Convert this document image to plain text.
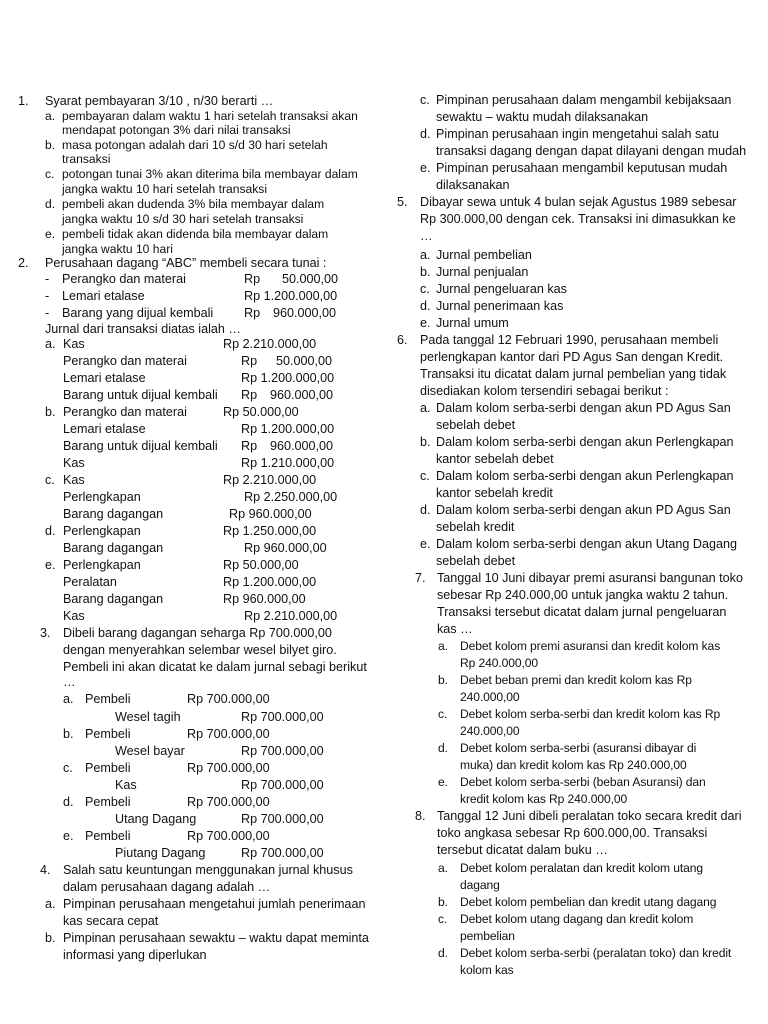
1. Syarat pembayaran 3/10 , n/30 berarti …
a. pembayaran dalam waktu 1 hari setelah transaksi akan
mendapat potongan 3% dari nilai transaksi
b. masa potongan adalah dari 10 s/d 30 hari setelah
transaksi
c. potongan tunai 3% akan diterima bila membayar dalam
jangka waktu 10 hari setelah transaksi
d. pembeli akan dudenda 3% bila membayar dalam
jangka waktu 10 s/d 30 hari setelah transaksi
e. pembeli tidak akan didenda bila membayar dalam
jangka waktu 10 hari
2. Perusahaan dagang “ABC” membeli secara tunai :
- Perangko dan materai	Rp 50.000,00
- Lemari etalase	Rp 1.200.000,00
- Barang yang dijual kembali Rp 960.000,00
Jurnal dari transaksi diatas ialah …
a. Kas	Rp 2.210.000,00
Perangko dan materai	Rp 50.000,00
Lemari etalase	Rp 1.200.000,00
Barang untuk dijual kembali Rp 960.000,00
b. Perangko dan materai	Rp 50.000,00
Lemari etalase	Rp 1.200.000,00
Barang untuk dijual kembali Rp 960.000,00
Kas	Rp 1.210.000,00
c. Kas	Rp 2.210.000,00
Perlengkapan	Rp 2.250.000,00
Barang dagangan	Rp 960.000,00
d. Perlengkapan	Rp 1.250.000,00
Barang dagangan	Rp 960.000,00
e. Perlengkapan	Rp 50.000,00
Peralatan	Rp 1.200.000,00
Barang dagangan	Rp 960.000,00
Kas	Rp 2.210.000,00
3. Dibeli barang dagangan seharga Rp 700.000,00
dengan menyerahkan selembar wesel bilyet giro.
Pembeli ini akan dicatat ke dalam jurnal sebagi berikut
…
a. Pembeli	Rp 700.000,00
Wesel tagih	Rp 700.000,00
b. Pembeli	Rp 700.000,00
Wesel bayar	Rp 700.000,00
c. Pembeli	Rp 700.000,00
Kas	Rp 700.000,00
d. Pembeli	Rp 700.000,00
Utang Dagang	Rp 700.000,00
e. Pembeli	Rp 700.000,00
Piutang Dagang	Rp 700.000,00
4. Salah satu keuntungan menggunakan jurnal khusus
dalam perusahaan dagang adalah …
a. Pimpinan perusahaan mengetahui jumlah penerimaan
kas secara cepat
b. Pimpinan perusahaan sewaktu – waktu dapat meminta
informasi yang diperlukan
c. Pimpinan perusahaan dalam mengambil kebijaksaan
sewaktu – waktu mudah dilaksanakan
d. Pimpinan perusahaan ingin mengetahui salah satu
transaksi dagang dengan dapat dilayani dengan mudah
e. Pimpinan perusahaan mengambil keputusan mudah
dilaksanakan
5. Dibayar sewa untuk 4 bulan sejak Agustus 1989 sebesar
Rp 300.000,00 dengan cek. Transaksi ini dimasukkan ke
…
a. Jurnal pembelian
b. Jurnal penjualan
c. Jurnal pengeluaran kas
d. Jurnal penerimaan kas
e. Jurnal umum
6. Pada tanggal 12 Februari 1990, perusahaan membeli
perlengkapan kantor dari PD Agus San dengan Kredit.
Transaksi itu dicatat dalam jurnal pembelian yang tidak
disediakan kolom tersendiri sebagai berikut :
a. Dalam kolom serba-serbi dengan akun PD Agus San
sebelah debet
b. Dalam kolom serba-serbi dengan akun Perlengkapan
kantor sebelah debet
c. Dalam kolom serba-serbi dengan akun Perlengkapan
kantor sebelah kredit
d. Dalam kolom serba-serbi dengan akun PD Agus San
sebelah kredit
e. Dalam kolom serba-serbi dengan akun Utang Dagang
sebelah debet
7. Tanggal 10 Juni dibayar premi asuransi bangunan toko
sebesar Rp 240.000,00 untuk jangka waktu 2 tahun.
Transaksi tersebut dicatat dalam jurnal pengeluaran
kas …
a. Debet kolom premi asuransi dan kredit kolom kas
Rp 240.000,00
b. Debet beban premi dan kredit kolom kas Rp
240.000,00
c. Debet kolom serba-serbi dan kredit kolom kas Rp
240.000,00
d. Debet kolom serba-serbi (asuransi dibayar di
muka) dan kredit kolom kas Rp 240.000,00
e. Debet kolom serba-serbi (beban Asuransi) dan
kredit kolom kas Rp 240.000,00
8. Tanggal 12 Juni dibeli peralatan toko secara kredit dari
toko angkasa sebesar Rp 600.000,00. Transaksi
tersebut dicatat dalam buku …
a. Debet kolom peralatan dan kredit kolom utang
dagang
b. Debet kolom pembelian dan kredit utang dagang
c. Debet kolom utang dagang dan kredit kolom
pembelian
d. Debet kolom serba-serbi (peralatan toko) dan kredit
kolom kas
